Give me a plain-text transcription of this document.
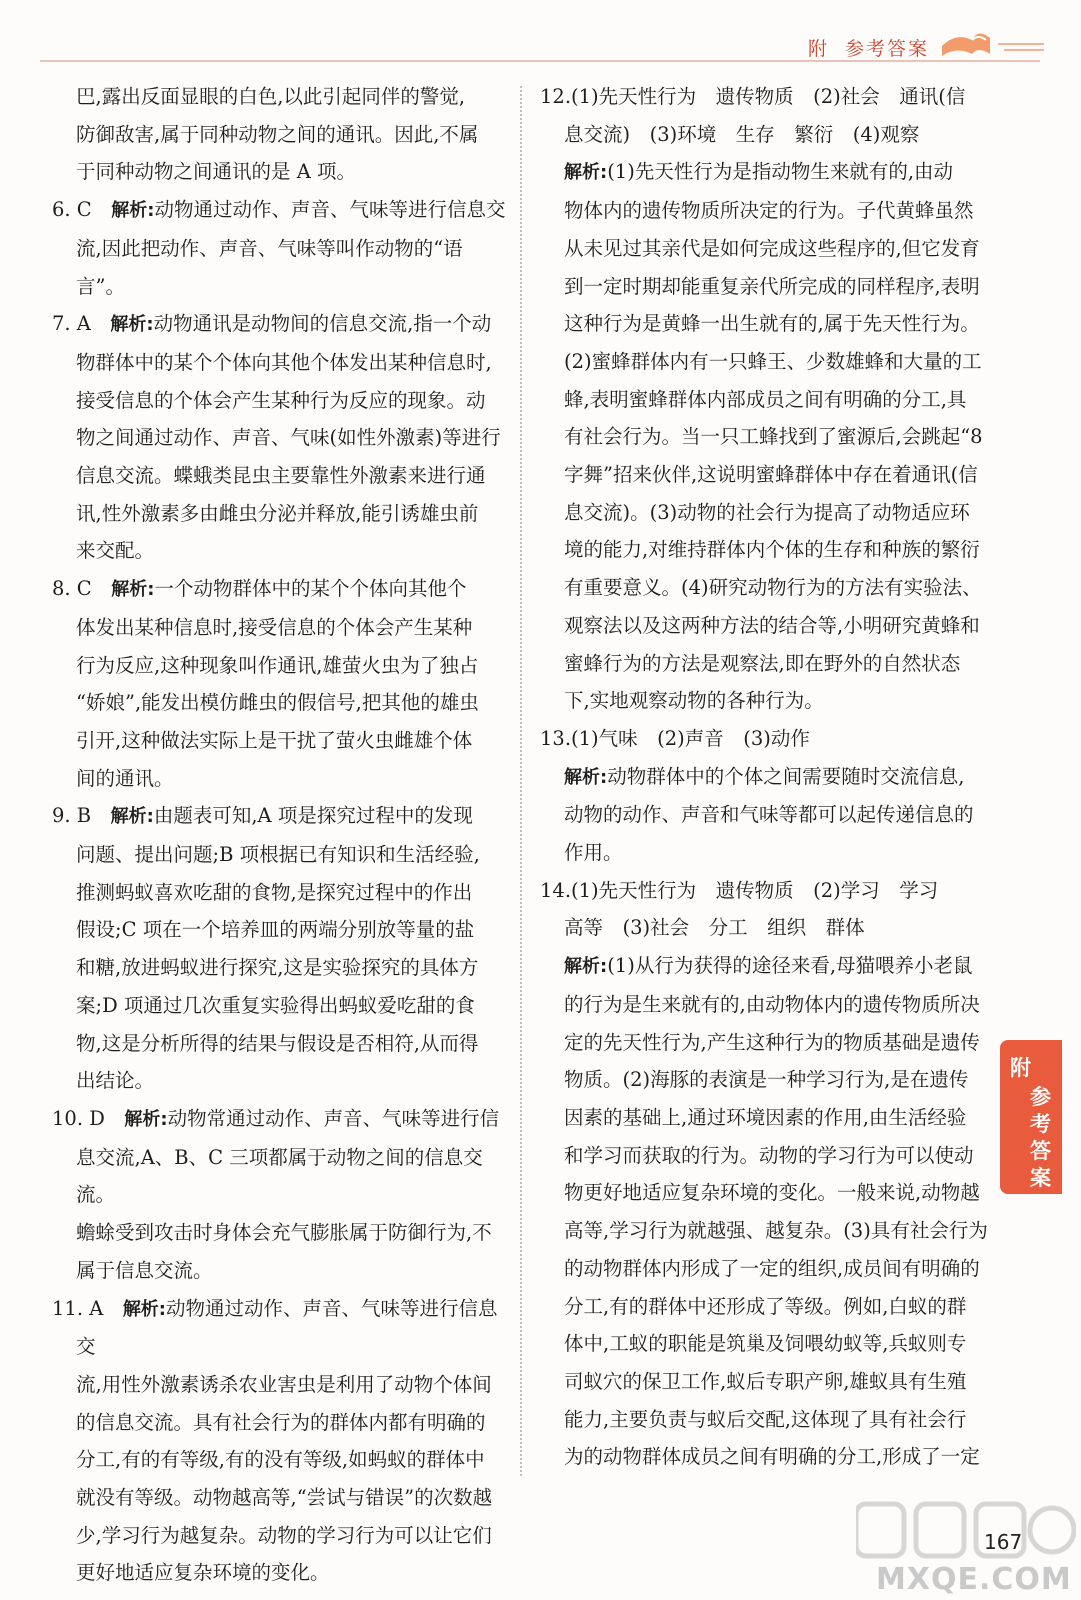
附 参考答案
巴,露出反面显眼的白色,以此引起同伴的警觉,
防御敌害,属于同种动物之间的通讯。因此,不属
于同种动物之间通讯的是 A 项。
6. C　 解析:动物通过动作、声音、气味等进行信息交
流,因此把动作、声音、气味等叫作动物的“语言”。
7. A　 解析:动物通讯是动物间的信息交流,指一个动
物群体中的某个个体向其他个体发出某种信息时,
接受信息的个体会产生某种行为反应的现象。动
物之间通过动作、声音、气味(如性外激素)等进行
信息交流。蝶蛾类昆虫主要靠性外激素来进行通
讯,性外激素多由雌虫分泌并释放,能引诱雄虫前
来交配。
8. C　 解析:一个动物群体中的某个个体向其他个
体发出某种信息时,接受信息的个体会产生某种
行为反应,这种现象叫作通讯,雄萤火虫为了独占
“娇娘”,能发出模仿雌虫的假信号,把其他的雄虫
引开,这种做法实际上是干扰了萤火虫雌雄个体
间的通讯。
9. B　 解析:由题表可知,A 项是探究过程中的发现
问题、提出问题;B 项根据已有知识和生活经验,
推测蚂蚁喜欢吃甜的食物,是探究过程中的作出
假设;C 项在一个培养皿的两端分别放等量的盐
和糖,放进蚂蚁进行探究,这是实验探究的具体方
案;D 项通过几次重复实验得出蚂蚁爱吃甜的食
物,这是分析所得的结果与假设是否相符,从而得
出结论。
10. D　 解析:动物常通过动作、声音、气味等进行信
息交流,A、B、C 三项都属于动物之间的信息交流。
蟾蜍受到攻击时身体会充气膨胀属于防御行为,不
属于信息交流。
11. A　 解析:动物通过动作、声音、气味等进行信息交
流,用性外激素诱杀农业害虫是利用了动物个体间
的信息交流。具有社会行为的群体内都有明确的
分工,有的有等级,有的没有等级,如蚂蚁的群体中
就没有等级。动物越高等,“尝试与错误”的次数越
少,学习行为越复杂。动物的学习行为可以让它们
更好地适应复杂环境的变化。
12.(1)先天性行为　遗传物质　(2)社会　通讯(信
息交流)　(3)环境　生存　繁衍　(4)观察
解析:(1)先天性行为是指动物生来就有的,由动
物体内的遗传物质所决定的行为。子代黄蜂虽然
从未见过其亲代是如何完成这些程序的,但它发育
到一定时期却能重复亲代所完成的同样程序,表明
这种行为是黄蜂一出生就有的,属于先天性行为。
(2)蜜蜂群体内有一只蜂王、少数雄蜂和大量的工
蜂,表明蜜蜂群体内部成员之间有明确的分工,具
有社会行为。当一只工蜂找到了蜜源后,会跳起“8
字舞”招来伙伴,这说明蜜蜂群体中存在着通讯(信
息交流)。(3)动物的社会行为提高了动物适应环
境的能力,对维持群体内个体的生存和种族的繁衍
有重要意义。(4)研究动物行为的方法有实验法、
观察法以及这两种方法的结合等,小明研究黄蜂和
蜜蜂行为的方法是观察法,即在野外的自然状态
下,实地观察动物的各种行为。
13.(1)气味　(2)声音　(3)动作
解析:动物群体中的个体之间需要随时交流信息,
动物的动作、声音和气味等都可以起传递信息的
作用。
14.(1)先天性行为　遗传物质　(2)学习　学习
高等　(3)社会　分工　组织　群体
解析:(1)从行为获得的途径来看,母猫喂养小老鼠
的行为是生来就有的,由动物体内的遗传物质所决
定的先天性行为,产生这种行为的物质基础是遗传
物质。(2)海豚的表演是一种学习行为,是在遗传
因素的基础上,通过环境因素的作用,由生活经验
和学习而获取的行为。动物的学习行为可以使动
物更好地适应复杂环境的变化。一般来说,动物越
高等,学习行为就越强、越复杂。(3)具有社会行为
的动物群体内形成了一定的组织,成员间有明确的
分工,有的群体中还形成了等级。例如,白蚁的群
体中,工蚁的职能是筑巢及饲喂幼蚁等,兵蚁则专
司蚁穴的保卫工作,蚁后专职产卵,雄蚁具有生殖
能力,主要负责与蚁后交配,这体现了具有社会行
为的动物群体成员之间有明确的分工,形成了一定
附
参考答案
167
MXQE.COM
